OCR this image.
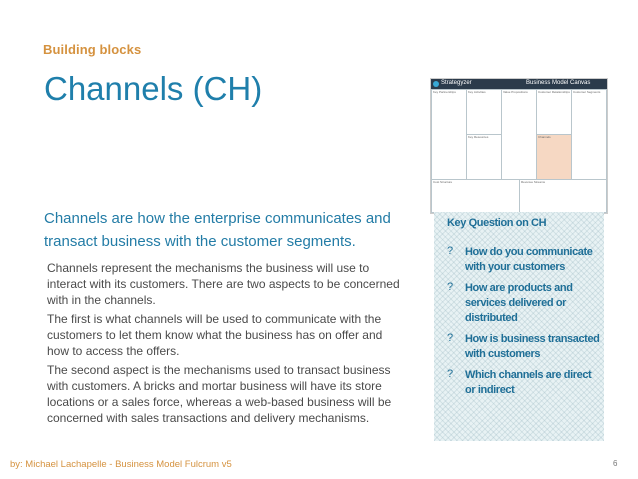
Building blocks
Channels (CH)	Strategyzer	Business Model Canvas
Key Partnerships	Key Activities
Key Resources
Value Propositions	Customer Relationships
Channels
Customer Segments
Cost Structure	Revenue Streams
Channels are how the enterprise communicates and transact business with the customer segments.

Channels represent the mechanisms the business will use to interact with its customers. There are two aspects to be concerned with in the channels.

The first is what channels will be used to communicate with the customers to let them know what the business has on offer and how to access the offers.

The second aspect is the mechanisms used to transact business with customers. A bricks and mortar business will have its store locations or a sales force, whereas a web-based business will be concerned with sales transactions and delivery mechanisms.

Key Question on CH
?	How do you communicate with your customers
?	How are products and services delivered or distributed
?	How is business transacted with customers
?	Which channels are direct or indirect
by: Michael Lachapelle - Business Model Fulcrum v5	6
